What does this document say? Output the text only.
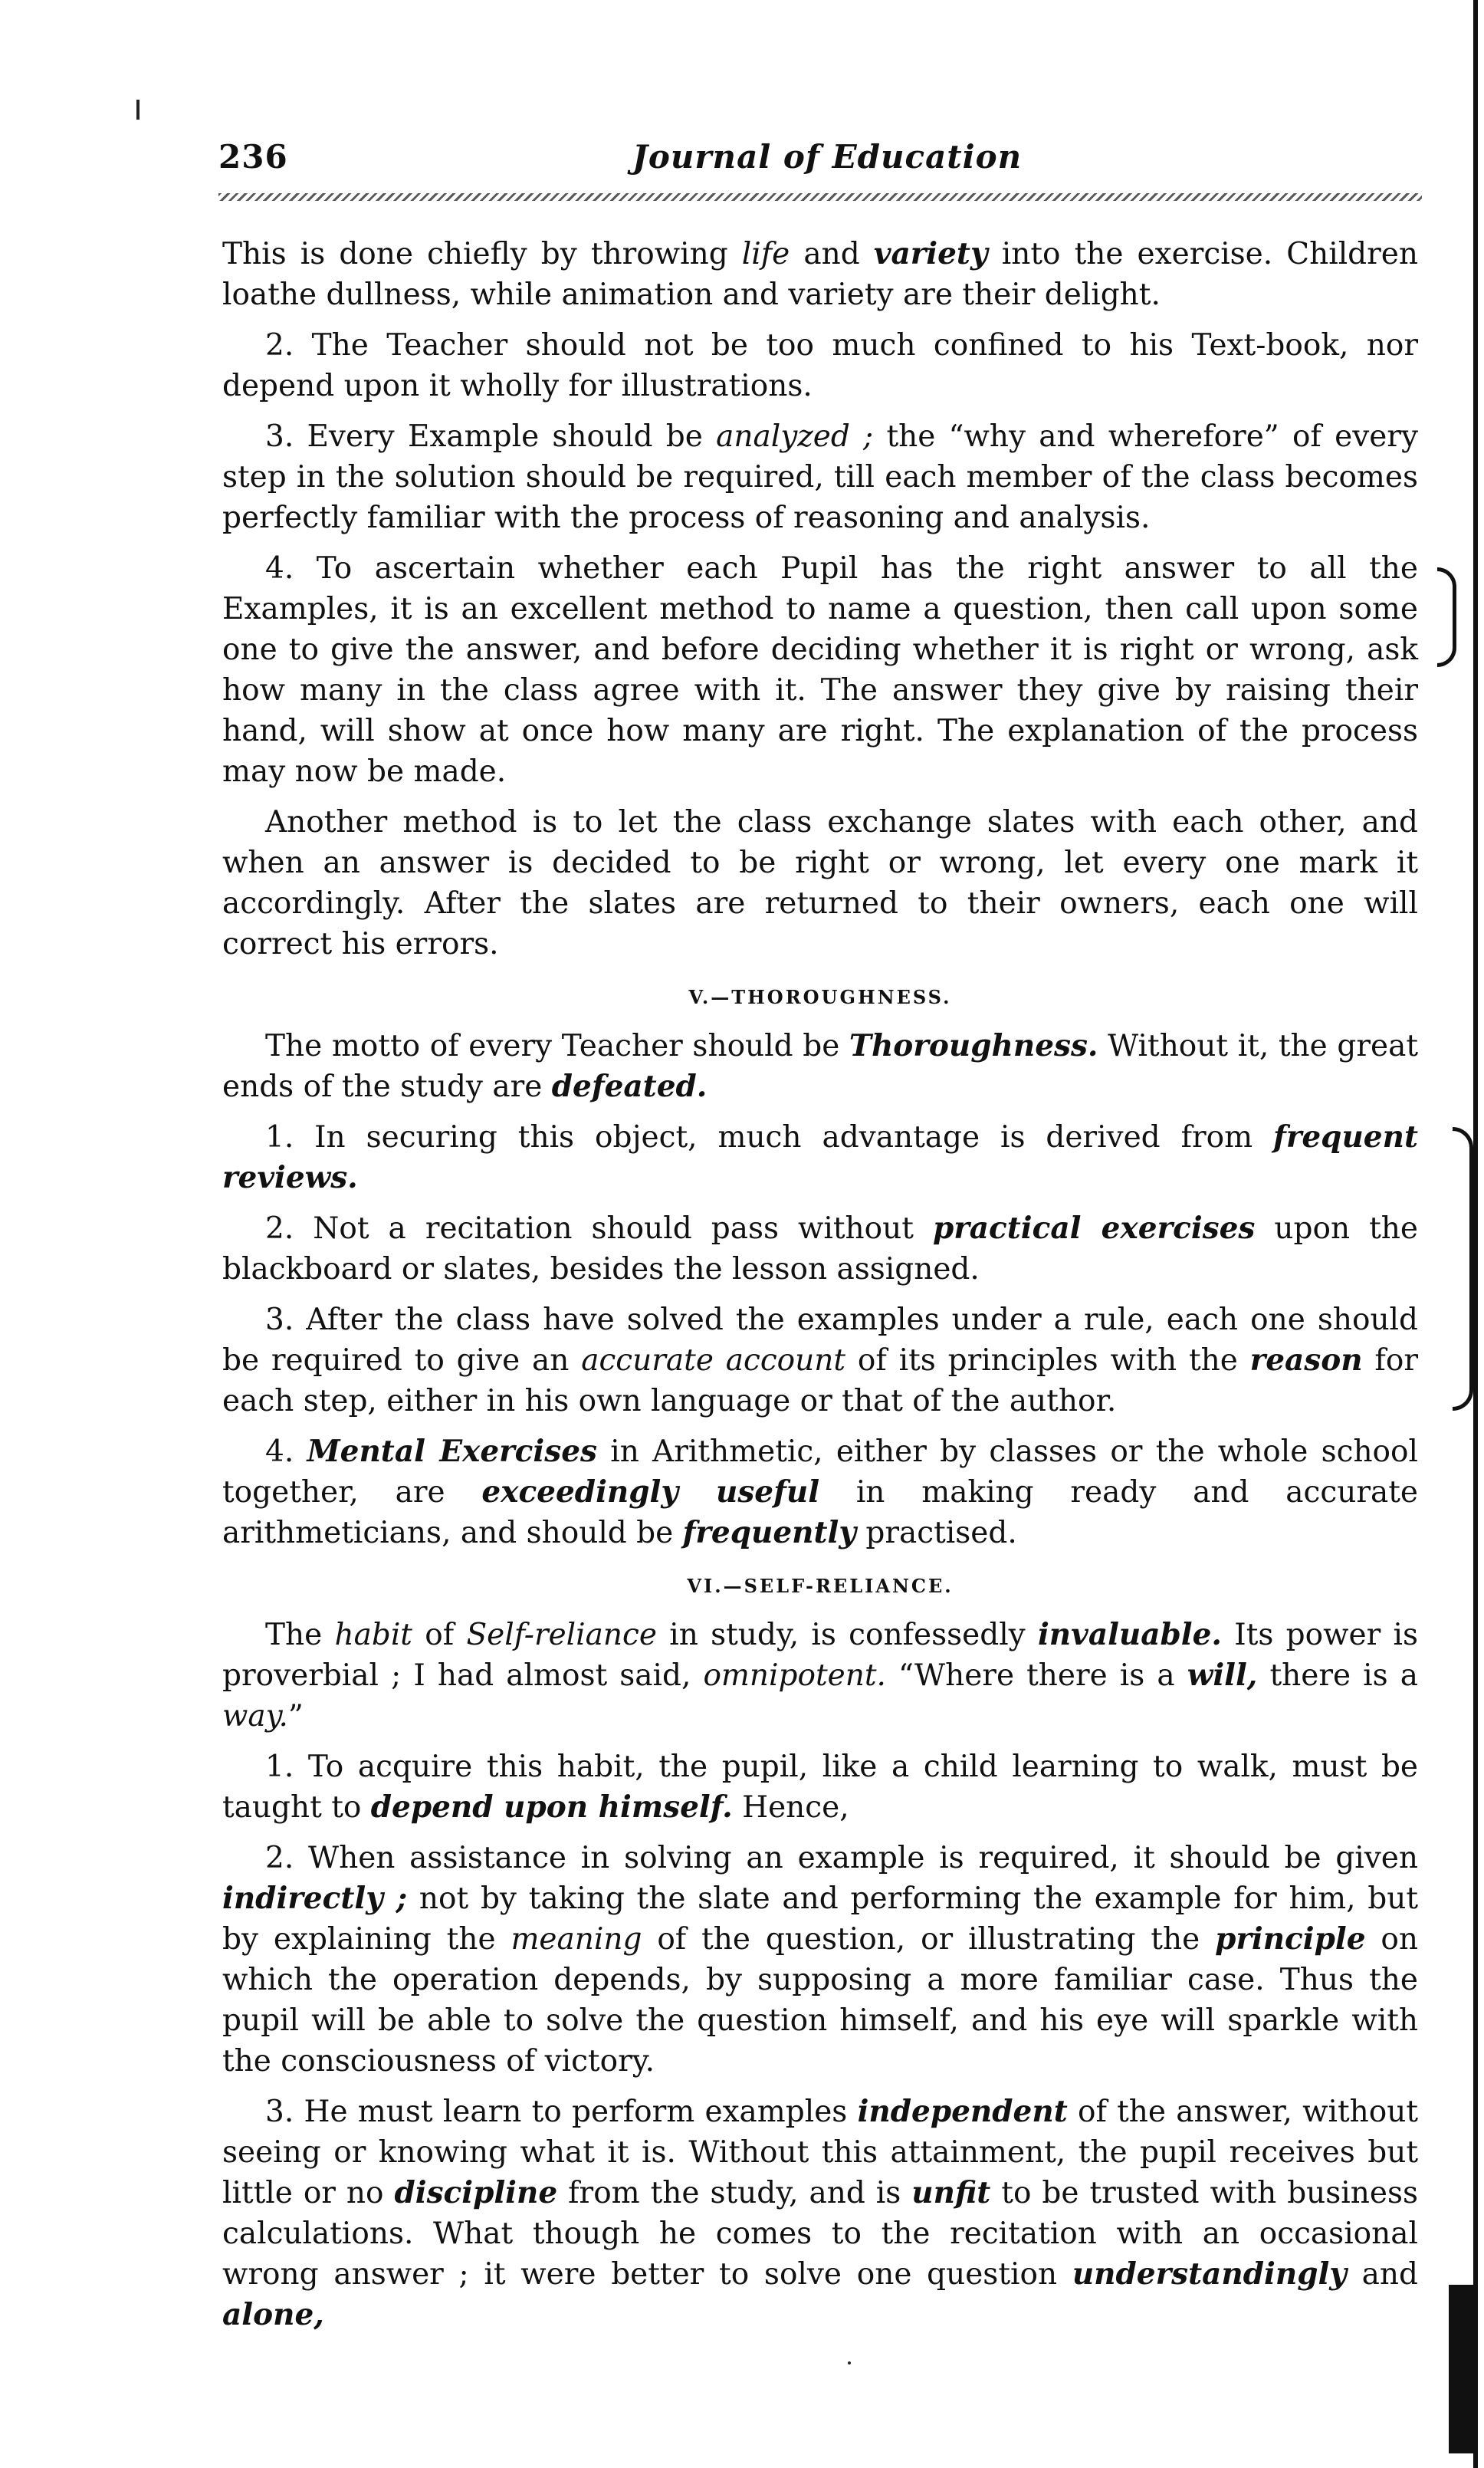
236	Journal of Education

This is done chiefly by throwing life and variety into the exercise. Children loathe dullness, while animation and variety are their delight.

2. The Teacher should not be too much confined to his Text-book, nor depend upon it wholly for illustrations.

3. Every Example should be analyzed ; the “why and wherefore” of every step in the solution should be required, till each member of the class becomes perfectly familiar with the process of reasoning and analysis.

4. To ascertain whether each Pupil has the right answer to all the Examples, it is an excellent method to name a question, then call upon some one to give the answer, and before deciding whether it is right or wrong, ask how many in the class agree with it. The answer they give by raising their hand, will show at once how many are right. The explanation of the process may now be made.

Another method is to let the class exchange slates with each other, and when an answer is decided to be right or wrong, let every one mark it accordingly. After the slates are returned to their owners, each one will correct his errors.

V.—THOROUGHNESS.

The motto of every Teacher should be Thoroughness. Without it, the great ends of the study are defeated.

1. In securing this object, much advantage is derived from frequent reviews.

2. Not a recitation should pass without practical exercises upon the blackboard or slates, besides the lesson assigned.

3. After the class have solved the examples under a rule, each one should be required to give an accurate account of its principles with the reason for each step, either in his own language or that of the author.

4. Mental Exercises in Arithmetic, either by classes or the whole school together, are exceedingly useful in making ready and accurate arithmeticians, and should be frequently practised.

VI.—SELF-RELIANCE.

The habit of Self-reliance in study, is confessedly invaluable. Its power is proverbial ; I had almost said, omnipotent. “Where there is a will, there is a way.”

1. To acquire this habit, the pupil, like a child learning to walk, must be taught to depend upon himself. Hence,

2. When assistance in solving an example is required, it should be given indirectly ; not by taking the slate and performing the example for him, but by explaining the meaning of the question, or illustrating the principle on which the operation depends, by supposing a more familiar case. Thus the pupil will be able to solve the question himself, and his eye will sparkle with the consciousness of victory.

3. He must learn to perform examples independent of the answer, without seeing or knowing what it is. Without this attainment, the pupil receives but little or no discipline from the study, and is unfit to be trusted with business calculations. What though he comes to the recitation with an occasional wrong answer ; it were better to solve one question understandingly and alone,
